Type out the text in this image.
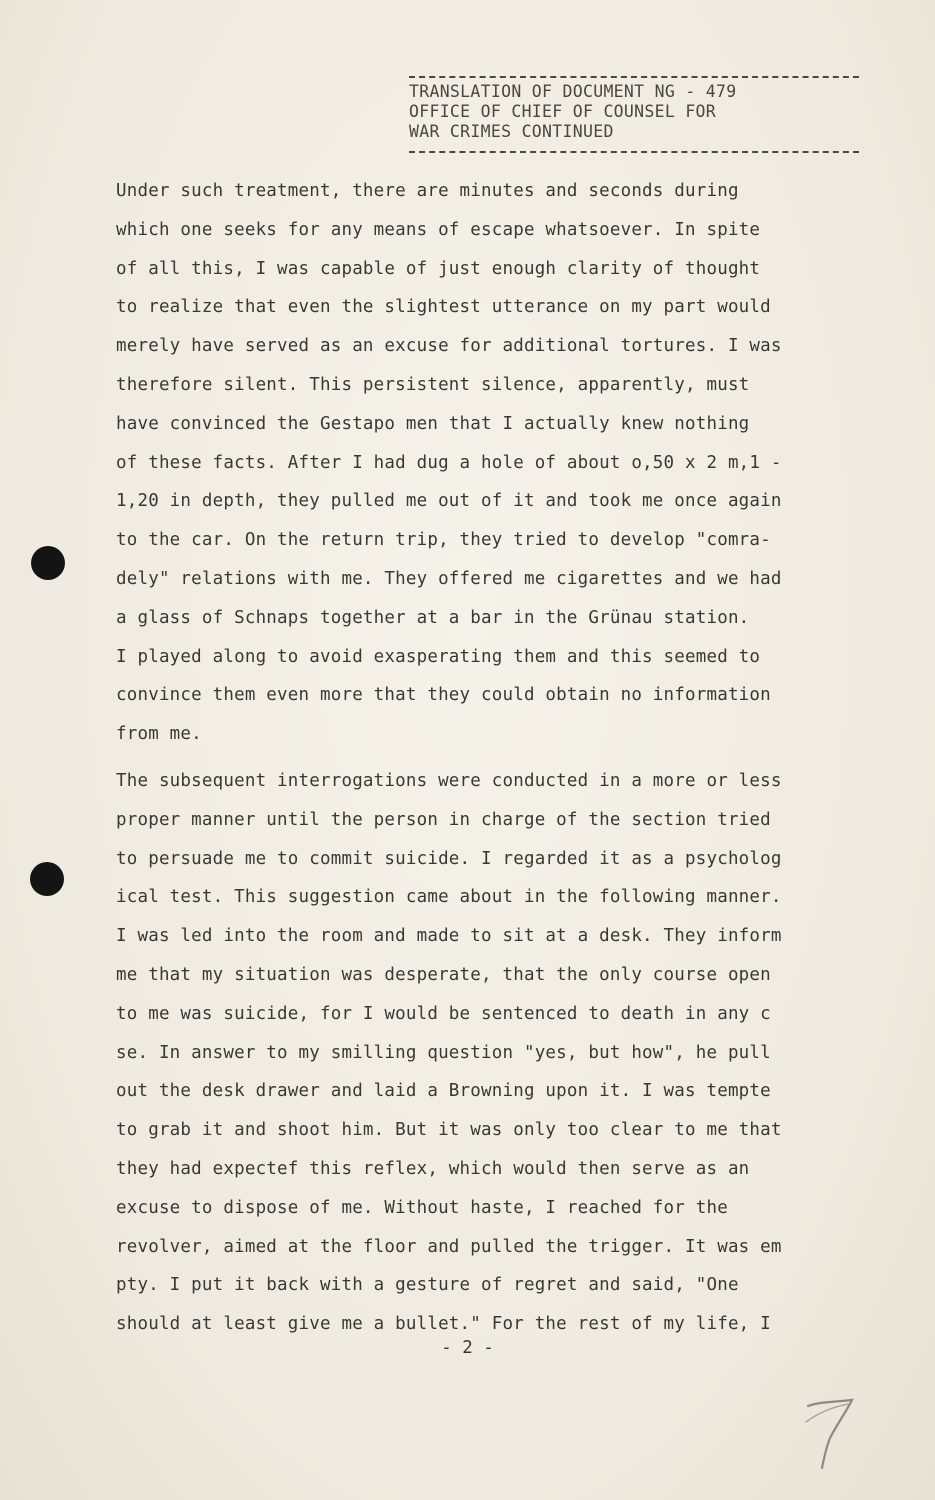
TRANSLATION OF DOCUMENT NG - 479
OFFICE OF CHIEF OF COUNSEL FOR
WAR CRIMES CONTINUED
Under such treatment, there are minutes and seconds during
which one seeks for any means of escape whatsoever. In spite
of all this, I was capable of just enough clarity of thought
to realize that even the slightest utterance on my part would
merely have served as an excuse for additional tortures. I was
therefore silent. This persistent silence, apparently, must
have convinced the Gestapo men that I actually knew nothing
of these facts. After I had dug a hole of about o,50 x 2 m,1 -
1,20 in depth, they pulled me out of it and took me once again
to the car. On the return trip, they tried to develop "comra-
dely" relations with me. They offered me cigarettes and we had
a glass of Schnaps together at a bar in the Grünau station.
I played along to avoid exasperating them and this seemed to
convince them even more that they could obtain no information
from me.
The subsequent interrogations were conducted in a more or less
proper manner until the person in charge of the section tried
to persuade me to commit suicide. I regarded it as a psycholog
ical test. This suggestion came about in the following manner.
I was led into the room and made to sit at a desk. They inform
me that my situation was desperate, that the only course open
to me was suicide, for I would be sentenced to death in any c
se. In answer to my smilling question "yes, but how", he pull
out the desk drawer and laid a Browning upon it. I was tempte
to grab it and shoot him. But it was only too clear to me that
they had expectef this reflex, which would then serve as an
excuse to dispose of me. Without haste, I reached for the
revolver, aimed at the floor and pulled the trigger. It was em
pty. I put it back with a gesture of regret and said, "One
should at least give me a bullet." For the rest of my life, I
- 2 -
